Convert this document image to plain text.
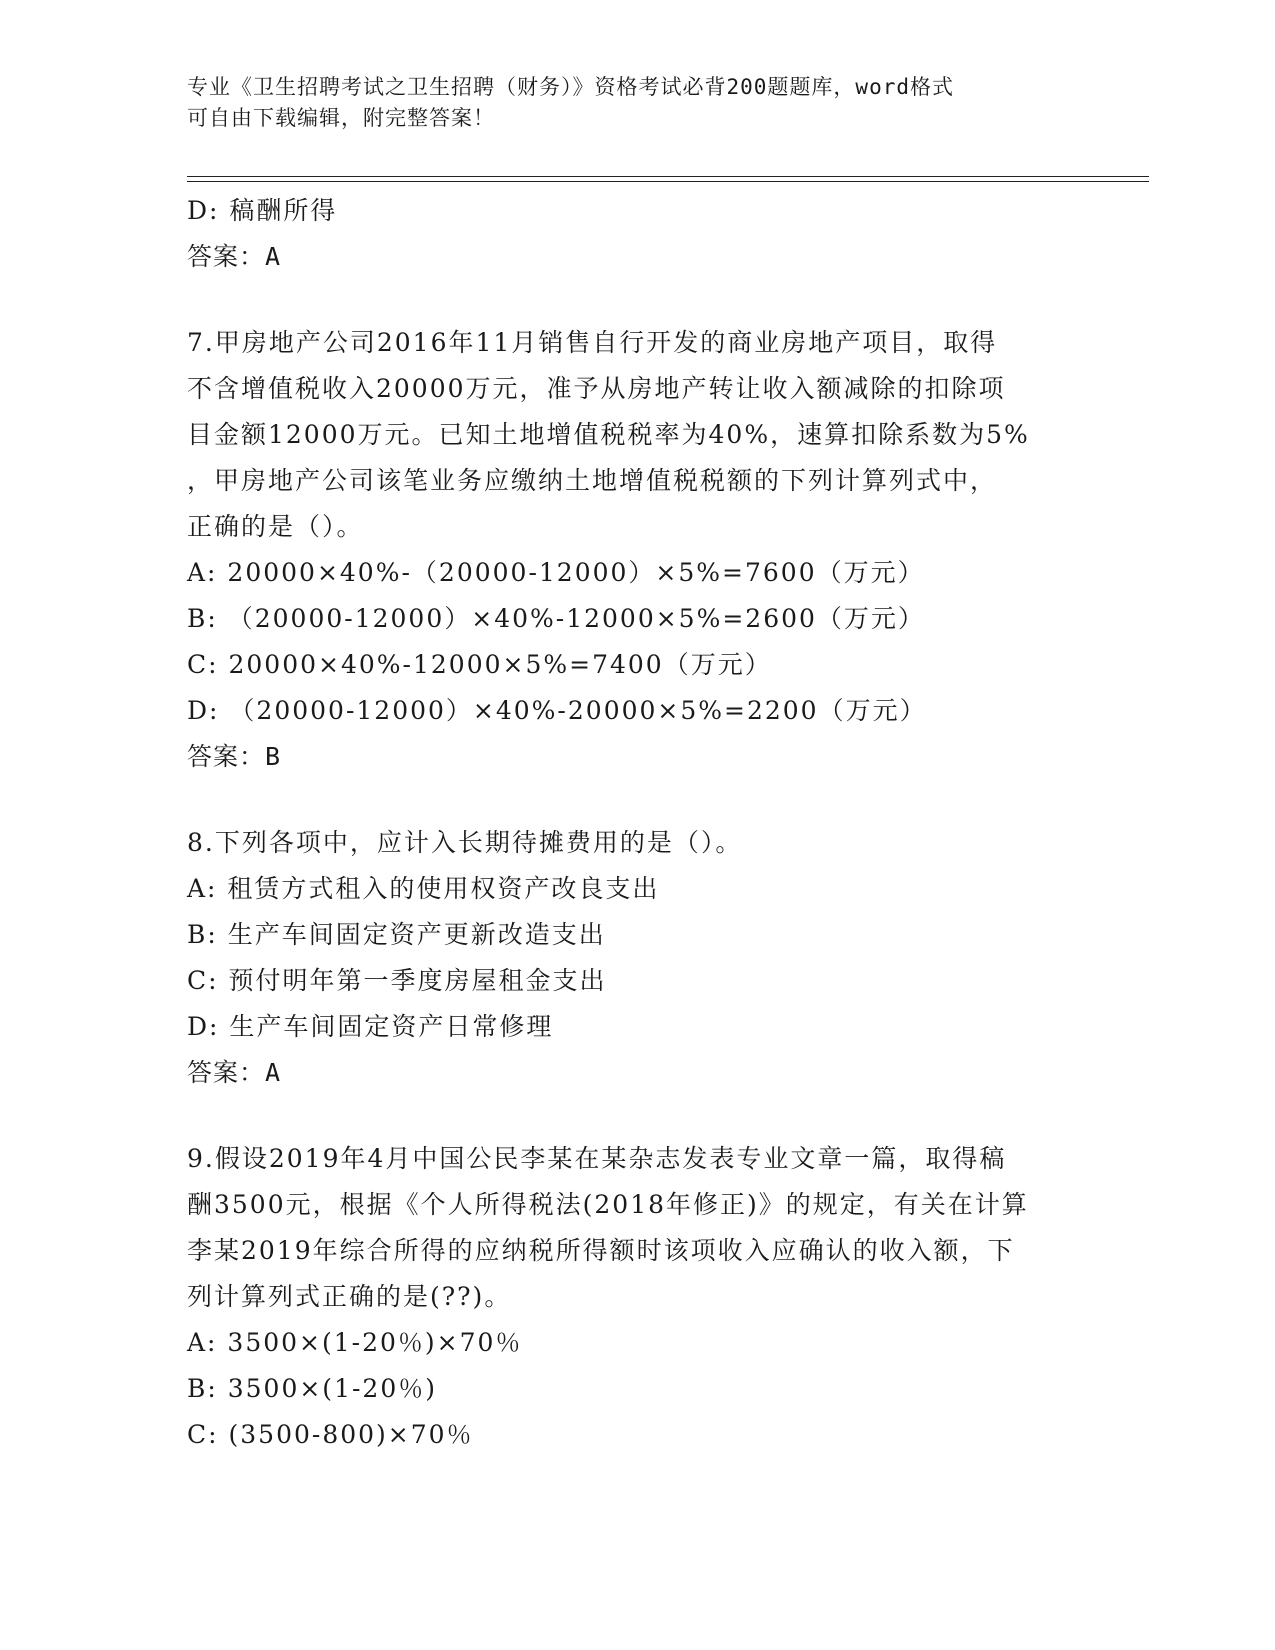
专业《卫生招聘考试之卫生招聘（财务）》资格考试必背200题题库，word格式
可自由下载编辑，附完整答案！
D: 稿酬所得
答案：A
7.甲房地产公司2016年11月销售自行开发的商业房地产项目，取得
不含增值税收入20000万元，准予从房地产转让收入额减除的扣除项
目金额12000万元。已知土地增值税税率为40%，速算扣除系数为5%
，甲房地产公司该笔业务应缴纳土地增值税税额的下列计算列式中，
正确的是（）。
A: 20000×40%-（20000-12000）×5%=7600（万元）
B: （20000-12000）×40%-12000×5%=2600（万元）
C: 20000×40%-12000×5%=7400（万元）
D: （20000-12000）×40%-20000×5%=2200（万元）
答案：B
8.下列各项中，应计入长期待摊费用的是（）。
A: 租赁方式租入的使用权资产改良支出
B: 生产车间固定资产更新改造支出
C: 预付明年第一季度房屋租金支出
D: 生产车间固定资产日常修理
答案：A
9.假设2019年4月中国公民李某在某杂志发表专业文章一篇，取得稿
酬3500元，根据《个人所得税法(2018年修正)》的规定，有关在计算
李某2019年综合所得的应纳税所得额时该项收入应确认的收入额，下
列计算列式正确的是(??)。
A: 3500×(1-20％)×70％
B: 3500×(1-20％)
C: (3500-800)×70％
